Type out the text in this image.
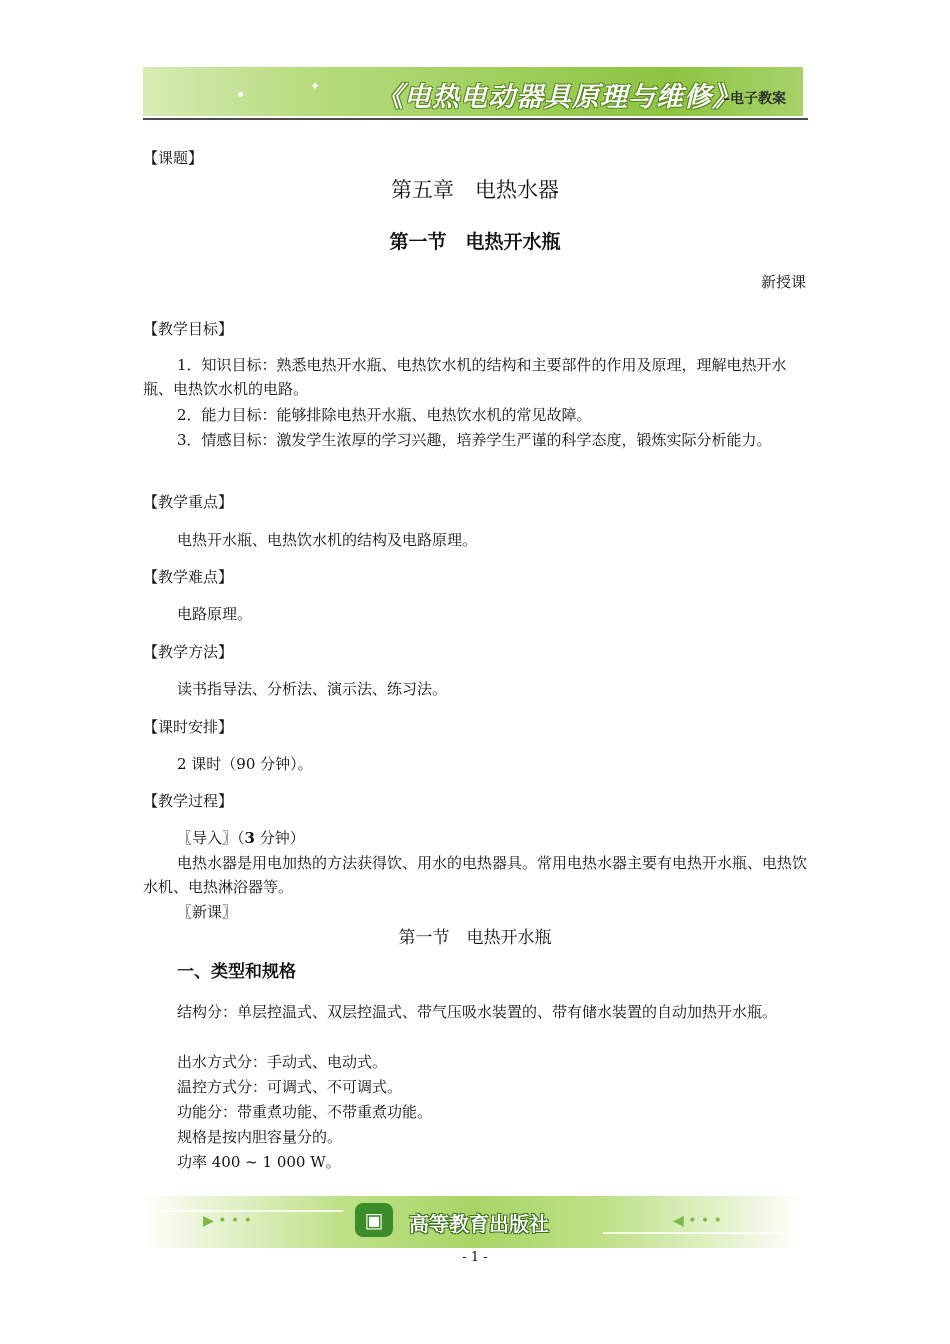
✦ 《电热电动器具原理与维修》
–电子教案
【课题】
第五章　电热水器
第一节　电热开水瓶
新授课
【教学目标】
1．知识目标：熟悉电热开水瓶、电热饮水机的结构和主要部件的作用及原理，理解电热开水瓶、电热饮水机的电路。
2．能力目标：能够排除电热开水瓶、电热饮水机的常见故障。
3．情感目标：激发学生浓厚的学习兴趣，培养学生严谨的科学态度，锻炼实际分析能力。
【教学重点】
电热开水瓶、电热饮水机的结构及电路原理。
【教学难点】
电路原理。
【教学方法】
读书指导法、分析法、演示法、练习法。
【课时安排】
2 课时（90 分钟）。
【教学过程】
〖导入〗（3 分钟）
电热水器是用电加热的方法获得饮、用水的电热器具。常用电热水器主要有电热开水瓶、电热饮水机、电热淋浴器等。
〖新课〗
第一节　电热开水瓶
一、类型和规格
结构分：单层控温式、双层控温式、带气压吸水装置的、带有储水装置的自动加热开水瓶。
出水方式分：手动式、电动式。
温控方式分：可调式、不可调式。
功能分：带重煮功能、不带重煮功能。
规格是按内胆容量分的。
功率 400 ~ 1 000 W。
▶ • • •	▣	高等教育出版社	◀ • • •
- 1 -
